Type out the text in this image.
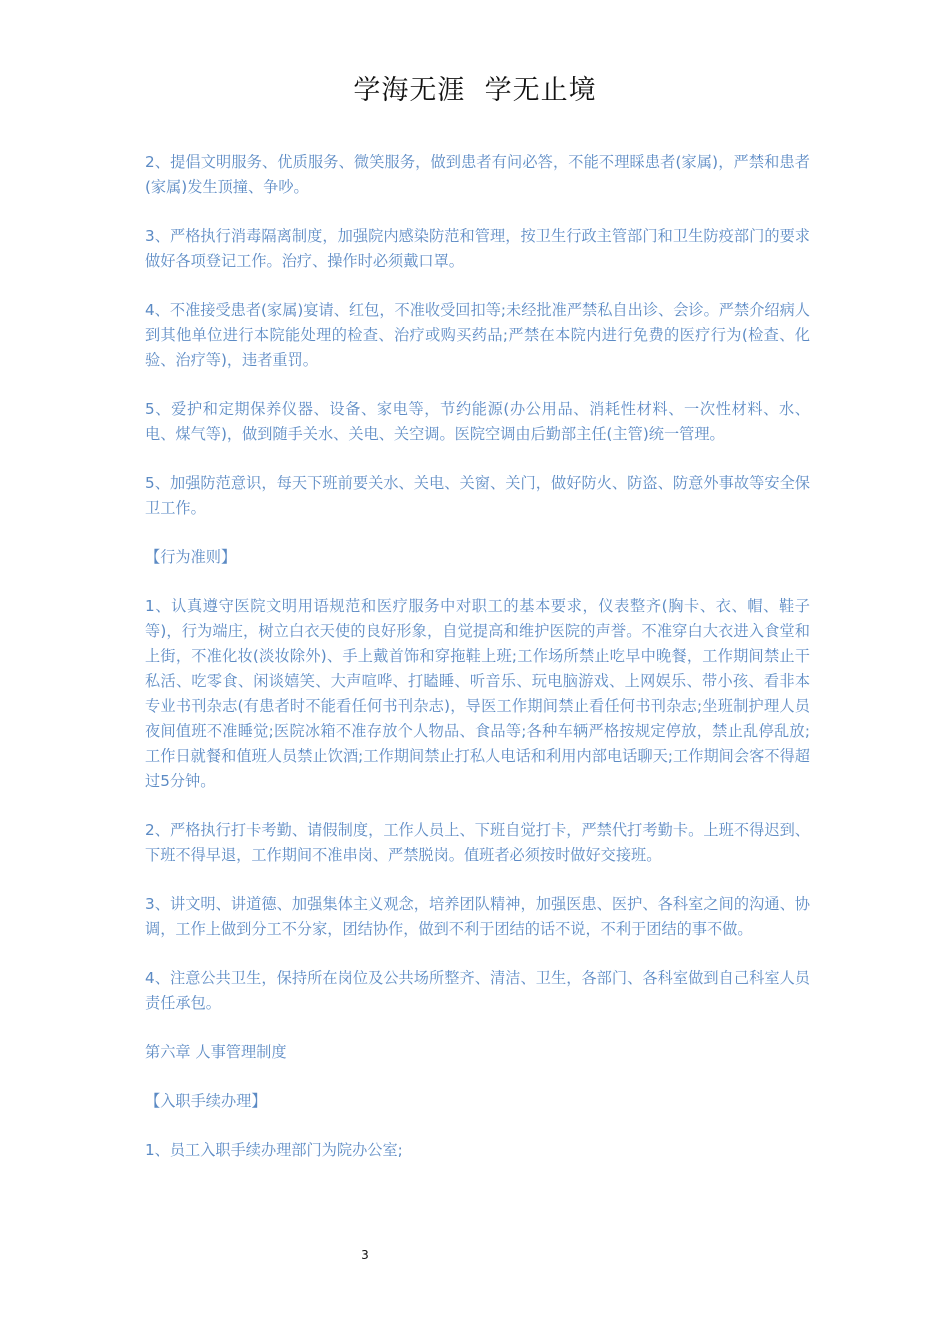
学海无涯  学无止境

2、提倡文明服务、优质服务、微笑服务，做到患者有问必答，不能不理睬患者(家属)，严禁和患者(家属)发生顶撞、争吵。

3、严格执行消毒隔离制度，加强院内感染防范和管理，按卫生行政主管部门和卫生防疫部门的要求做好各项登记工作。治疗、操作时必须戴口罩。

4、不准接受患者(家属)宴请、红包，不准收受回扣等;未经批准严禁私自出诊、会诊。严禁介绍病人到其他单位进行本院能处理的检查、治疗或购买药品;严禁在本院内进行免费的医疗行为(检查、化验、治疗等)，违者重罚。

5、爱护和定期保养仪器、设备、家电等，节约能源(办公用品、消耗性材料、一次性材料、水、电、煤气等)，做到随手关水、关电、关空调。医院空调由后勤部主任(主管)统一管理。

5、加强防范意识，每天下班前要关水、关电、关窗、关门，做好防火、防盗、防意外事故等安全保卫工作。

【行为准则】

1、认真遵守医院文明用语规范和医疗服务中对职工的基本要求，仪表整齐(胸卡、衣、帽、鞋子等)，行为端庄，树立白衣天使的良好形象，自觉提高和维护医院的声誉。不准穿白大衣进入食堂和上街，不准化妆(淡妆除外)、手上戴首饰和穿拖鞋上班;工作场所禁止吃早中晚餐，工作期间禁止干私活、吃零食、闲谈嬉笑、大声喧哗、打瞌睡、听音乐、玩电脑游戏、上网娱乐、带小孩、看非本专业书刊杂志(有患者时不能看任何书刊杂志)，导医工作期间禁止看任何书刊杂志;坐班制护理人员夜间值班不准睡觉;医院冰箱不准存放个人物品、食品等;各种车辆严格按规定停放，禁止乱停乱放;工作日就餐和值班人员禁止饮酒;工作期间禁止打私人电话和利用内部电话聊天;工作期间会客不得超过5分钟。

2、严格执行打卡考勤、请假制度，工作人员上、下班自觉打卡，严禁代打考勤卡。上班不得迟到、下班不得早退，工作期间不准串岗、严禁脱岗。值班者必须按时做好交接班。

3、讲文明、讲道德、加强集体主义观念，培养团队精神，加强医患、医护、各科室之间的沟通、协调，工作上做到分工不分家，团结协作，做到不利于团结的话不说，不利于团结的事不做。

4、注意公共卫生，保持所在岗位及公共场所整齐、清洁、卫生，各部门、各科室做到自己科室人员责任承包。

第六章 人事管理制度

【入职手续办理】

1、员工入职手续办理部门为院办公室;

3
